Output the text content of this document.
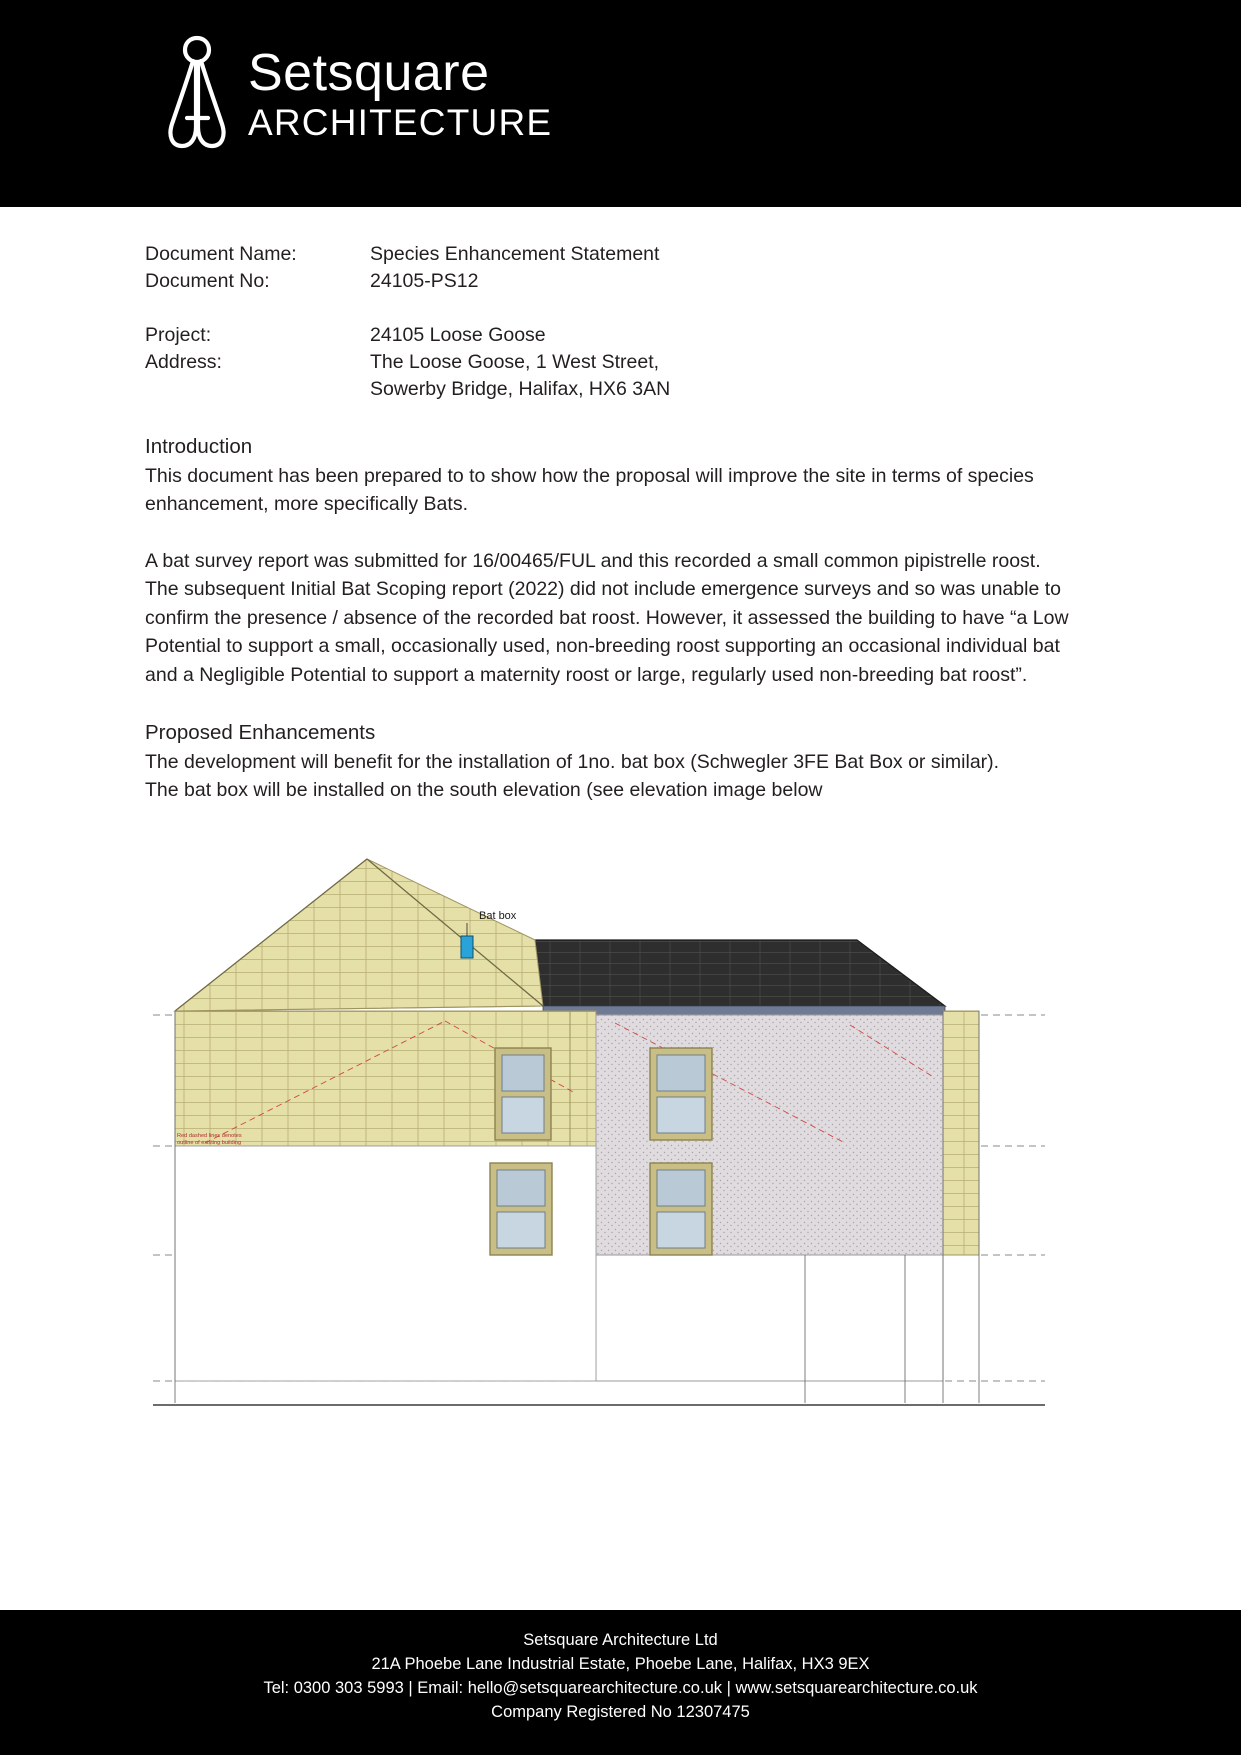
Setsquare
ARCHITECTURE
Document Name:	Species Enhancement Statement
Document No:	24105-PS12
Project:	24105 Loose Goose
Address:	The Loose Goose, 1 West Street,
Sowerby Bridge, Halifax, HX6 3AN
Introduction

This document has been prepared to to show how the proposal will improve the site in terms of species enhancement, more specifically Bats.

A bat survey report was submitted for 16/00465/FUL and this recorded a small common pipistrelle roost.

The subsequent Initial Bat Scoping report (2022) did not include emergence surveys and so was unable to confirm the presence / absence of the recorded bat roost. However, it assessed the building to have “a Low Potential to support a small, occasionally used, non-breeding roost supporting an occasional individual bat and a Negligible Potential to support a maternity roost or large, regularly used non-breeding bat roost”.

Proposed Enhancements

The development will benefit for the installation of 1no. bat box (Schwegler 3FE Bat Box or similar).

The bat box will be installed on the south elevation (see elevation image below

Bat box
Red dashed lines denotes
outline of existing building
Setsquare Architecture Ltd
21A Phoebe Lane Industrial Estate, Phoebe Lane, Halifax, HX3 9EX
Tel: 0300 303 5993 | Email: hello@setsquarearchitecture.co.uk | www.setsquarearchitecture.co.uk
Company Registered No 12307475
